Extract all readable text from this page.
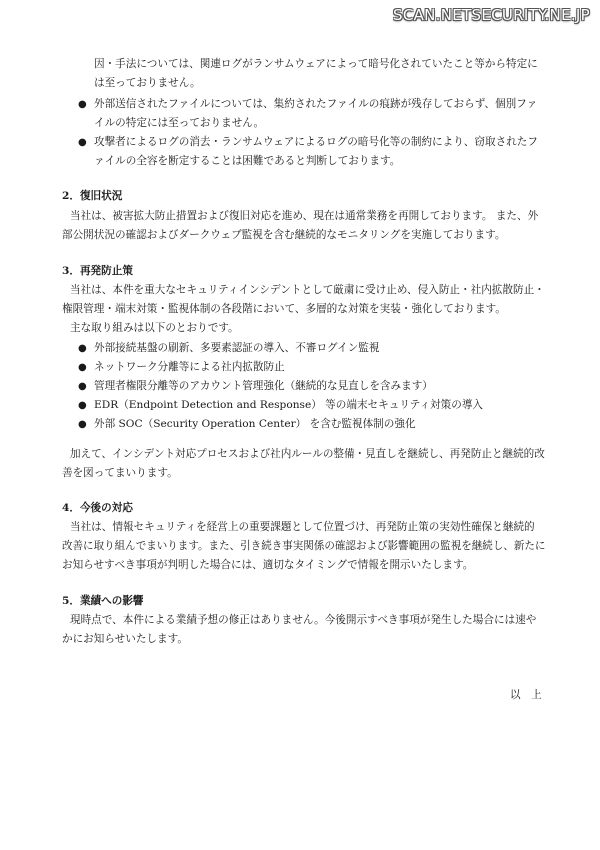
SCAN.NETSECURITY.NE.JP
因・手法については、関連ログがランサムウェアによって暗号化されていたこと等から特定に
は至っておりません。
● 外部送信されたファイルについては、集約されたファイルの痕跡が残存しておらず、個別ファ
イルの特定には至っておりません。
● 攻撃者によるログの消去・ランサムウェアによるログの暗号化等の制約により、窃取されたフ
ァイルの全容を断定することは困難であると判断しております。
2．復旧状況
当社は、被害拡大防止措置および復旧対応を進め、現在は通常業務を再開しております。 また、外
部公開状況の確認およびダークウェブ監視を含む継続的なモニタリングを実施しております。
3．再発防止策
当社は、本件を重大なセキュリティインシデントとして厳粛に受け止め、侵入防止・社内拡散防止・
権限管理・端末対策・監視体制の各段階において、多層的な対策を実装・強化しております。
主な取り組みは以下のとおりです。
● 外部接続基盤の刷新、多要素認証の導入、不審ログイン監視
● ネットワーク分離等による社内拡散防止
● 管理者権限分離等のアカウント管理強化（継続的な見直しを含みます）
● EDR（Endpoint Detection and Response） 等の端末セキュリティ対策の導入
● 外部 SOC（Security Operation Center） を含む監視体制の強化
加えて、インシデント対応プロセスおよび社内ルールの整備・見直しを継続し、再発防止と継続的改
善を図ってまいります。
4．今後の対応
当社は、情報セキュリティを経営上の重要課題として位置づけ、再発防止策の実効性確保と継続的
改善に取り組んでまいります。また、引き続き事実関係の確認および影響範囲の監視を継続し、新たに
お知らせすべき事項が判明した場合には、適切なタイミングで情報を開示いたします。
5．業績への影響
現時点で、本件による業績予想の修正はありません。今後開示すべき事項が発生した場合には速や
かにお知らせいたします。
以　上
